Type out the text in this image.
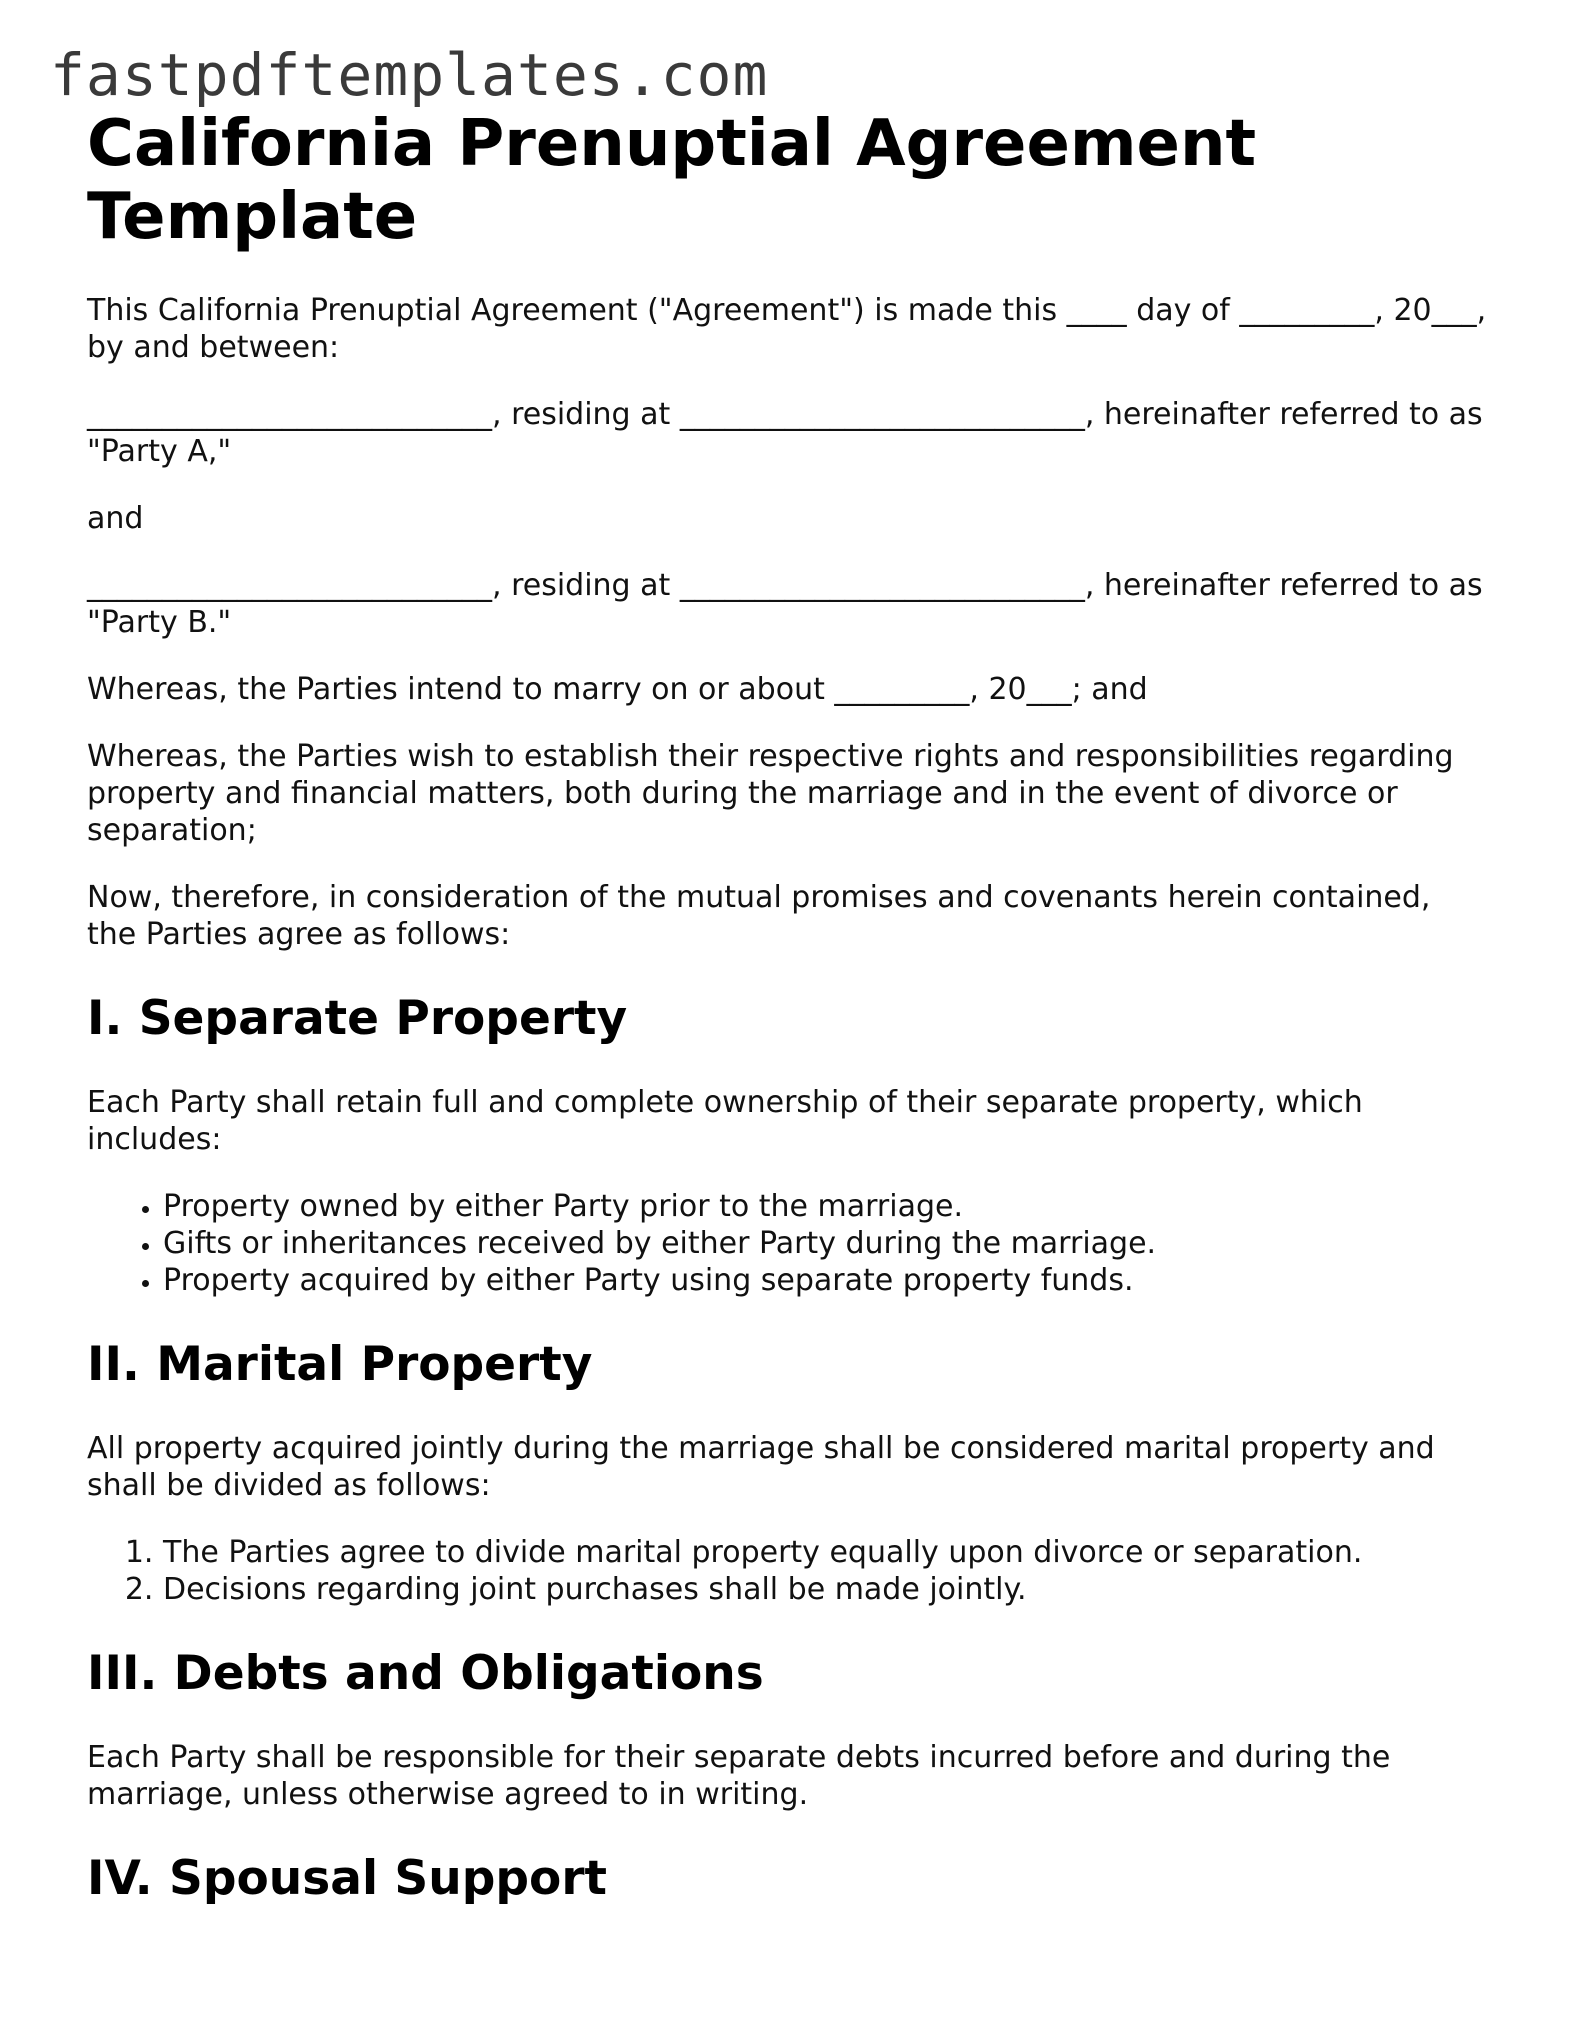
fastpdftemplates.com
California Prenuptial Agreement Template

This California Prenuptial Agreement ("Agreement") is made this ____ day of _________, 20___, by and between:

___________________________, residing at ___________________________, hereinafter referred to as "Party A,"

and

___________________________, residing at ___________________________, hereinafter referred to as "Party B."

Whereas, the Parties intend to marry on or about _________, 20___; and

Whereas, the Parties wish to establish their respective rights and responsibilities regarding property and financial matters, both during the marriage and in the event of divorce or separation;

Now, therefore, in consideration of the mutual promises and covenants herein contained, the Parties agree as follows:

I. Separate Property

Each Party shall retain full and complete ownership of their separate property, which includes:

• Property owned by either Party prior to the marriage.
• Gifts or inheritances received by either Party during the marriage.
• Property acquired by either Party using separate property funds.
II. Marital Property

All property acquired jointly during the marriage shall be considered marital property and shall be divided as follows:

1. The Parties agree to divide marital property equally upon divorce or separation.
2. Decisions regarding joint purchases shall be made jointly.
III. Debts and Obligations

Each Party shall be responsible for their separate debts incurred before and during the marriage, unless otherwise agreed to in writing.

IV. Spousal Support
